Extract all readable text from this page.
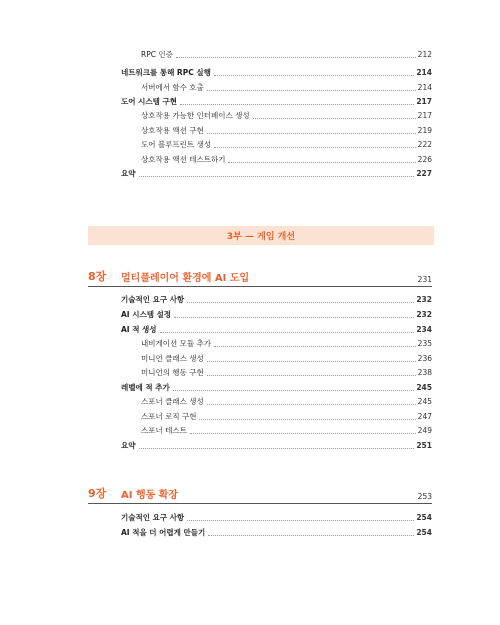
RPC 인증	212
네트워크를 통해 RPC 실행	214
서버에서 함수 호출	214
도어 시스템 구현	217
상호작용 가능한 인터페이스 생성	217
상호작용 액션 구현	219
도어 블루프린트 생성	222
상호작용 액션 테스트하기	226
요약	227
3부 — 게임 개선
8장	멀티플레이어 환경에 AI 도입	231
기술적인 요구 사항	232
AI 시스템 설정	232
AI 적 생성	234
내비게이션 모듈 추가	235
미니언 클래스 생성	236
미니언의 행동 구현	238
레벨에 적 추가	245
스포너 클래스 생성	245
스포너 로직 구현	247
스포너 테스트	249
요약	251
9장	AI 행동 확장	253
기술적인 요구 사항	254
AI 적을 더 어렵게 만들기	254
